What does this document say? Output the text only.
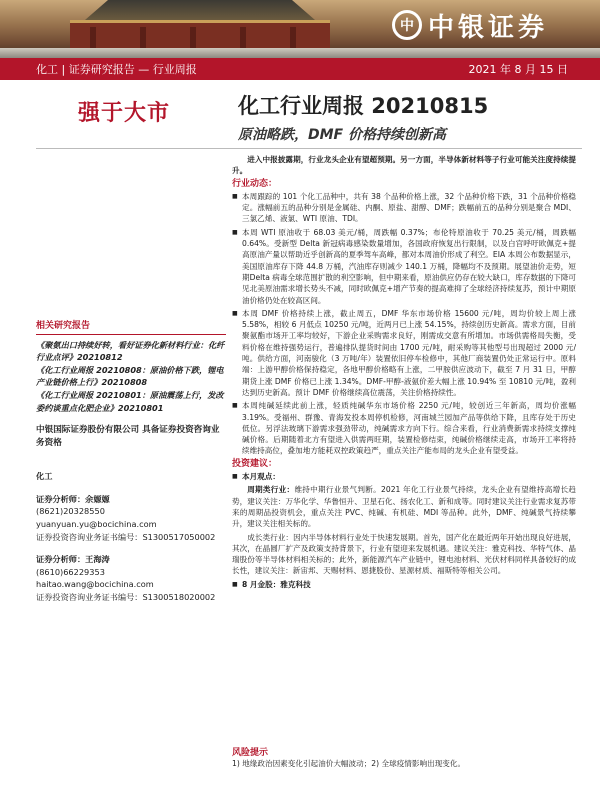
中 中银证券
化工 | 证券研究报告 — 行业周报	2021 年 8 月 15 日
强于大市	化工行业周报 20210815
原油略跌，DMF 价格持续创新高

进入中报披露期，行业龙头企业有望超预期。另一方面，半导体新材料等子行业可能关注度持续提升。

行业动态：

■ 本周跟踪的 101 个化工品种中，共有 38 个品种价格上涨，32 个品种价格下跌，31 个品种价格稳定。涨幅前五的品种分别是金属硅、内酮、原盐、甜醇、DMF；跌幅前五的品种分别是聚合 MDI、三氯乙烯、液氯、WTI 原油、TDI。

■ 本周 WTI 原油收于 68.03 美元/桶，周跌幅 0.37%；布伦特原油收于 70.25 美元/桶，周跌幅 0.64%。受新型 Delta 新冠病毒感染数量增加，各国政府恢复出行限制，以及白宫呼吁欧佩克+提高原油产量以帮助近乎创新高的夏季驾车高峰，都对本周油价形成了利空。EIA 本周公布数据显示，美国原油库存下降 44.8 万桶，汽油库存则减少 140.1 万桶，降幅均不及预期。展望油价走势，短期Delta 病毒全球范围扩散的利空影响，但中期来看，原油供应仍存在较大缺口，库存数据的下降可见北美原油需求增长势头不减，同时欧佩克+增产节奏的提高难抑了全球经济持续复苏，预计中期原油价格仍处在较高区间。

■ 本周 DMF 价格持续上涨，截止周五，DMF 华东市场价格 15600 元/吨，周均价较上周上涨 5.58%，相较 6 月低点 10250 元/吨，近两月已上涨 54.15%，持续创历史新高。需求方面，目前聚氨酯市场开工率均较好，下游企业采购需求良好，刚需成交意有所增加。市场供需格局失衡，受料价格在维持强势运行，普遍排队提货时间由 1700 元/吨，耐采购等其他型号出现超过 2000 元/吨。供给方面，河南骏化（3 万吨/年）装置依旧停车检修中，其他厂商装置仍处正常运行中。原料端：上游甲醇价格保持稳定，各地甲醇价格略有上涨，二甲胺供应波动下，截至 7 月 31 日，甲醇期货上涨 DMF 价格已上涨 1.34%。DMF-甲醇-液氨价差大幅上涨 10.94% 至 10810 元/吨，盈利达到历史新高。预计 DMF 价格继续高位震荡，关注价格持续性。

■ 本周纯碱延续此前上涨，轻质纯碱华东市场价格 2250 元/吨，较创近三年新高，周均价涨幅 3.19%。受福州、群豫、青海发投本周停机检修，河南城兰园加产品等供给下降，且库存处于历史低位。另浮法玻璃下游需求强劲带动，纯碱需求方向下行。综合来看，行业消费新需求持续支撑纯碱价格。后期随着北方有望进入供需两旺期，装置检修结束，纯碱价格继续走高，市场开工率将持续维持高位，叠加地方能耗双控政策趋严，重点关注产能布局的龙头企业有望受益。

投资建议：

■ 本月观点：

周期类行业：维持中期行业景气判断。2021 年化工行业景气持续，龙头企业有望维持高增长趋势，建议关注：万华化学、华鲁恒升、卫星石化、扬农化工、新和成等。同时建议关注行业需求复苏带来的周期品投资机会，重点关注 PVC、纯碱、有机硅、MDI 等品种。此外，DMF、纯碱景气持续攀升，建议关注相关标的。

成长类行业：因内半导体材料行业处于快速发展期。首先，国产化在最近两年开始出现良好进展，其次，在晶圆厂扩产及政策支持背景下，行业有望迎来发展机遇。建议关注：雅克科技、华特气体、晶瑞股份等半导体材料相关标的；此外，新能源汽车产业链中，锂电池材料、光伏材料同样具备较好的成长性，建议关注：新宙邦、天赐材料、恩捷股份、星源材质、福斯特等相关公司。

■ 8 月金股：雅克科技

风险提示
1) 地缘政治因素变化引起油价大幅波动；2) 全球疫情影响出现变化。
相关研究报告

《聚氨出口持续好转，看好证券化新材料行业：化纤行业点评》20210812

《化工行业周报 20210808：原油价格下跌，锂电产业链价格上行》20210808

《化工行业周报 20210801：原油震荡上行，发改委约谈重点化肥企业》20210801

中银国际证券股份有限公司 具备证券投资咨询业务资格
化工
证券分析师：余嫄嫄
(8621)20328550
yuanyuan.yu@bocichina.com
证券投资咨询业务证书编号：S1300517050002
证券分析师：王海涛
(8610)66229353
haitao.wang@bocichina.com
证券投资咨询业务证书编号：S1300518020002
